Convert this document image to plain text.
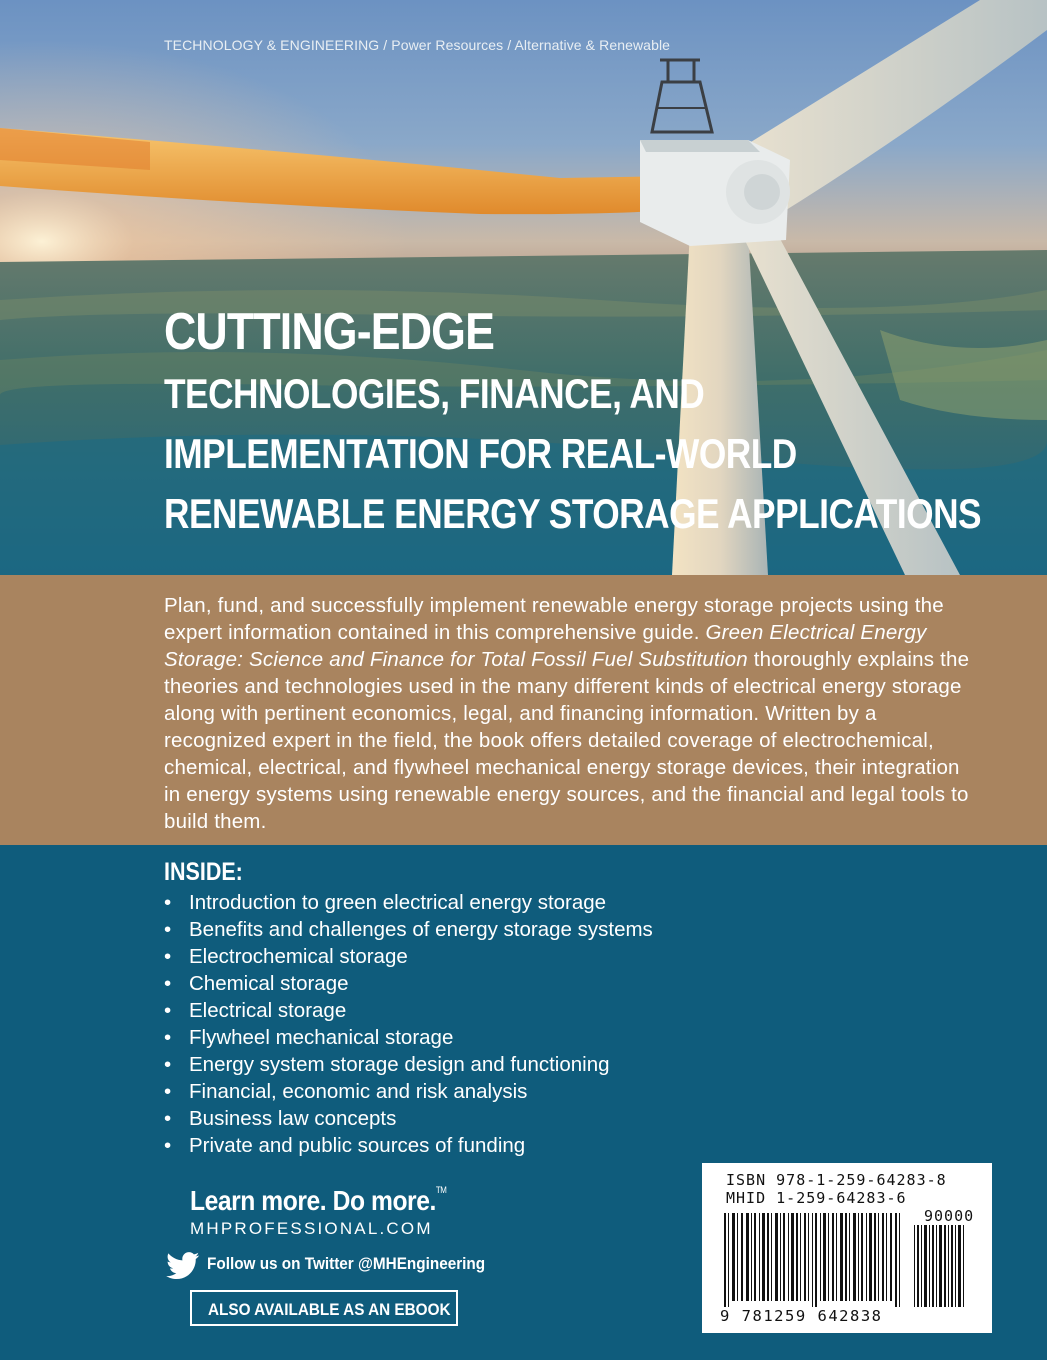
TECHNOLOGY & ENGINEERING / Power Resources / Alternative & Renewable
CUTTING-EDGE
TECHNOLOGIES, FINANCE, AND
IMPLEMENTATION FOR REAL-WORLD
RENEWABLE ENERGY STORAGE APPLICATIONS
Plan, fund, and successfully implement renewable energy storage projects using the expert information contained in this comprehensive guide. Green Electrical Energy Storage: Science and Finance for Total Fossil Fuel Substitution thoroughly explains the theories and technologies used in the many different kinds of electrical energy storage along with pertinent economics, legal, and financing information. Written by a recognized expert in the field, the book offers detailed coverage of electrochemical, chemical, electrical, and flywheel mechanical energy storage devices, their integration in energy systems using renewable energy sources, and the financial and legal tools to build them.
INSIDE:
• Introduction to green electrical energy storage
• Benefits and challenges of energy storage systems
• Electrochemical storage
• Chemical storage
• Electrical storage
• Flywheel mechanical storage
• Energy system storage design and functioning
• Financial, economic and risk analysis
• Business law concepts
• Private and public sources of funding
Learn more. Do more.™
MHPROFESSIONAL.COM
Follow us on Twitter @MHEngineering
ALSO AVAILABLE AS AN EBOOK
ISBN 978-1-259-64283-8
MHID 1-259-64283-6
90000
9 781259 642838
